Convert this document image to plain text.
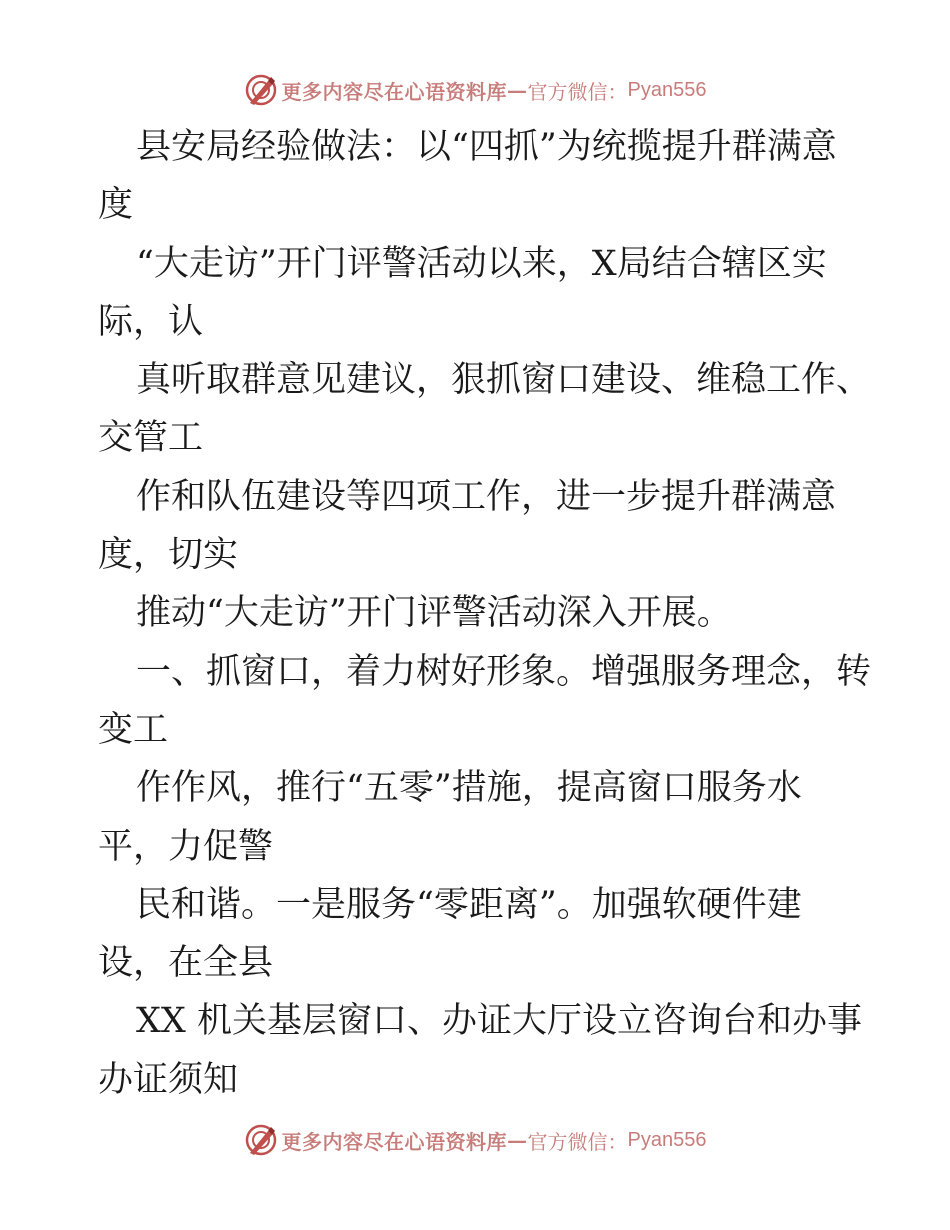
更多内容尽在心语资料库 — 官方微信： Pyan556
县安局经验做法：以“四抓”为统揽提升群满意
度
“大走访”开门评警活动以来，X局结合辖区实
际，认
真听取群意见建议，狠抓窗口建设、维稳工作、
交管工
作和队伍建设等四项工作，进一步提升群满意
度，切实
推动“大走访”开门评警活动深入开展。
一、抓窗口，着力树好形象。增强服务理念，转
变工
作作风，推行“五零”措施，提高窗口服务水
平，力促警
民和谐。一是服务“零距离”。加强软硬件建
设，在全县
XX 机关基层窗口、办证大厅设立咨询台和办事
办证须知
更多内容尽在心语资料库 — 官方微信： Pyan556
